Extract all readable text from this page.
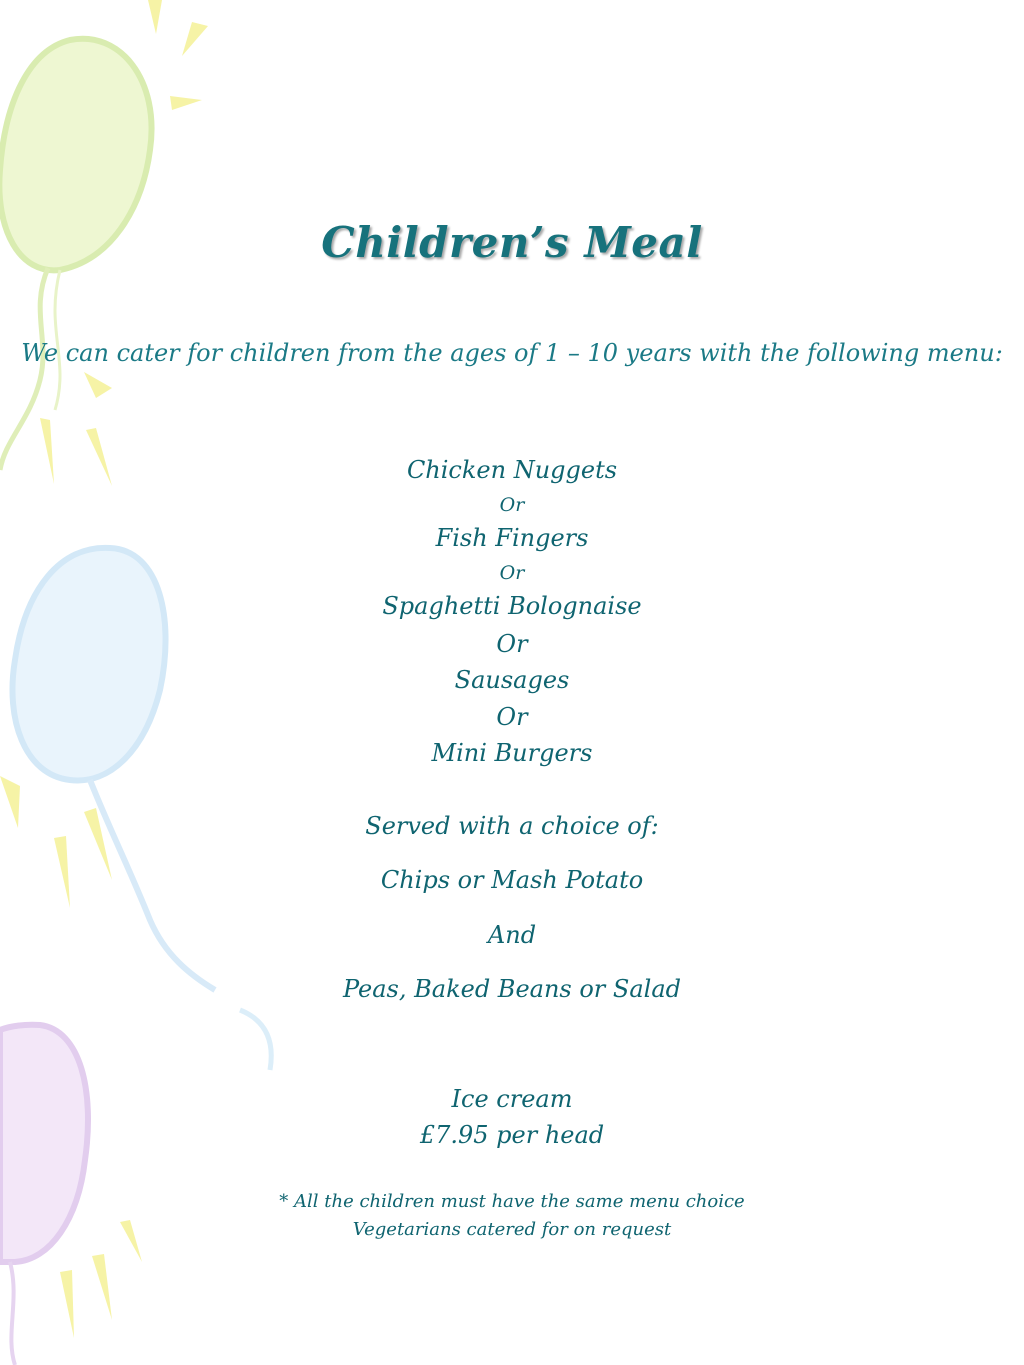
Children’s Meal

We can cater for children from the ages of 1 – 10 years with the following menu:

Chicken Nuggets

Or

Fish Fingers

Or

Spaghetti Bolognaise

Or

Sausages

Or

Mini Burgers

Served with a choice of:

Chips or Mash Potato

And

Peas, Baked Beans or Salad

Ice cream

£7.95 per head

* All the children must have the same menu choice

Vegetarians catered for on request
